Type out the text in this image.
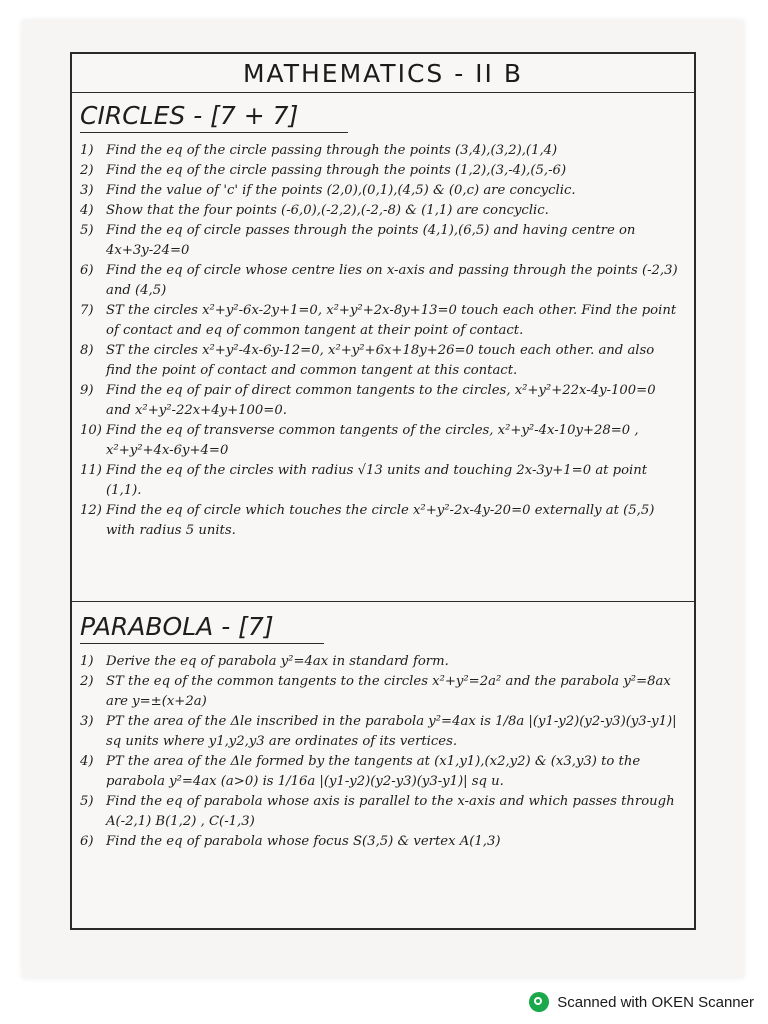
MATHEMATICS - II B
CIRCLES - [7 + 7]
1) Find the eq of the circle passing through the points (3,4),(3,2),(1,4)
2) Find the eq of the circle passing through the points (1,2),(3,-4),(5,-6)
3) Find the value of 'c' if the points (2,0),(0,1),(4,5) & (0,c) are concyclic.
4) Show that the four points (-6,0),(-2,2),(-2,-8) & (1,1) are concyclic.
5) Find the eq of circle passes through the points (4,1),(6,5) and having centre on 4x+3y-24=0
6) Find the eq of circle whose centre lies on x-axis and passing through the points (-2,3) and (4,5)
7) ST the circles x²+y²-6x-2y+1=0, x²+y²+2x-8y+13=0 touch each other. Find the point of contact and eq of common tangent at their point of contact.
8) ST the circles x²+y²-4x-6y-12=0, x²+y²+6x+18y+26=0 touch each other. and also find the point of contact and common tangent at this contact.
9) Find the eq of pair of direct common tangents to the circles, x²+y²+22x-4y-100=0 and x²+y²-22x+4y+100=0.
10) Find the eq of transverse common tangents of the circles, x²+y²-4x-10y+28=0 , x²+y²+4x-6y+4=0
11) Find the eq of the circles with radius √13 units and touching 2x-3y+1=0 at point (1,1).
12) Find the eq of circle which touches the circle x²+y²-2x-4y-20=0 externally at (5,5) with radius 5 units.
PARABOLA - [7]
1) Derive the eq of parabola y²=4ax in standard form.
2) ST the eq of the common tangents to the circles x²+y²=2a² and the parabola y²=8ax are y=±(x+2a)
3) PT the area of the Δle inscribed in the parabola y²=4ax is 1/8a |(y1-y2)(y2-y3)(y3-y1)| sq units where y1,y2,y3 are ordinates of its vertices.
4) PT the area of the Δle formed by the tangents at (x1,y1),(x2,y2) & (x3,y3) to the parabola y²=4ax (a>0) is 1/16a |(y1-y2)(y2-y3)(y3-y1)| sq u.
5) Find the eq of parabola whose axis is parallel to the x-axis and which passes through A(-2,1) B(1,2) , C(-1,3)
6) Find the eq of parabola whose focus S(3,5) & vertex A(1,3)
Scanned with OKEN Scanner
